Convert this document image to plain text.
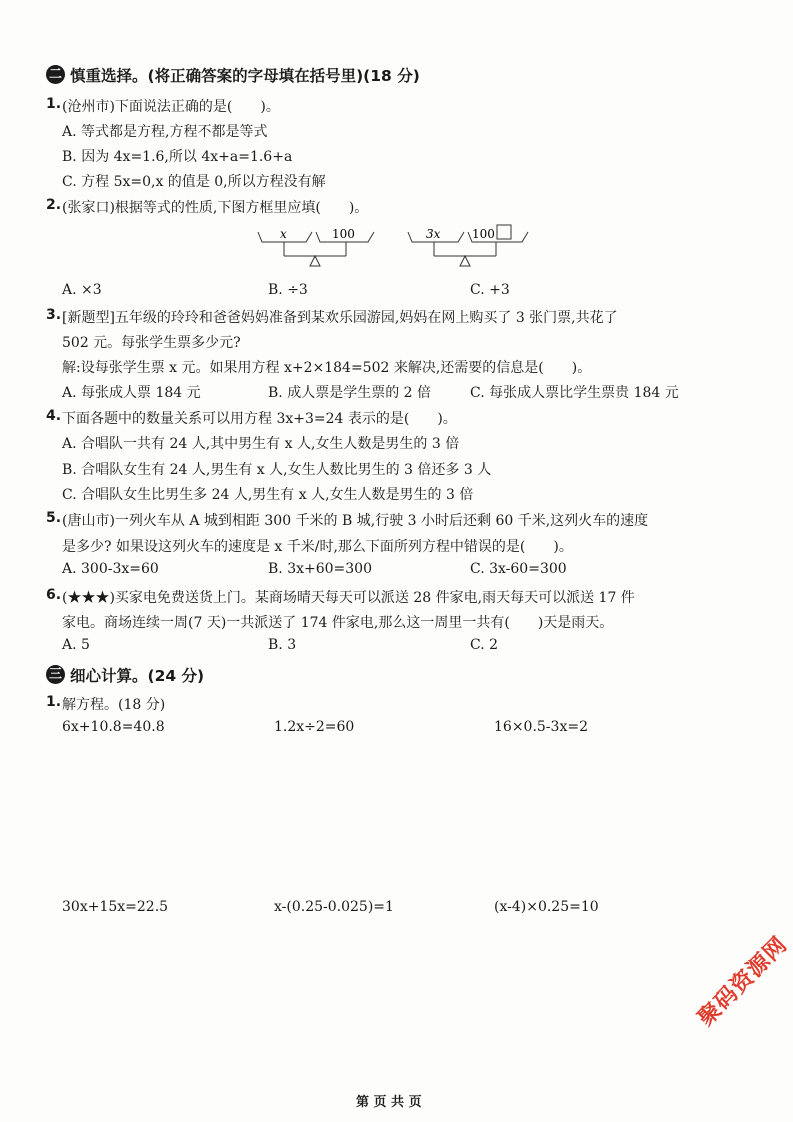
二 慎重选择。(将正确答案的字母填在括号里)(18 分)
1. (沧州市)下面说法正确的是(　　)。
A. 等式都是方程,方程不都是等式
B. 因为 4x=1.6,所以 4x+a=1.6+a
C. 方程 5x=0,x 的值是 0,所以方程没有解
2. (张家口)根据等式的性质,下图方框里应填(　　)。
x	100	3x	100
A. ×3	B. ÷3	C. +3
3. [新题型]五年级的玲玲和爸爸妈妈准备到某欢乐园游园,妈妈在网上购买了 3 张门票,共花了
502 元。每张学生票多少元?
解:设每张学生票 x 元。如果用方程 x+2×184=502 来解决,还需要的信息是(　　)。
A. 每张成人票 184 元	B. 成人票是学生票的 2 倍	C. 每张成人票比学生票贵 184 元
4. 下面各题中的数量关系可以用方程 3x+3=24 表示的是(　　)。
A. 合唱队一共有 24 人,其中男生有 x 人,女生人数是男生的 3 倍
B. 合唱队女生有 24 人,男生有 x 人,女生人数比男生的 3 倍还多 3 人
C. 合唱队女生比男生多 24 人,男生有 x 人,女生人数是男生的 3 倍
5. (唐山市)一列火车从 A 城到相距 300 千米的 B 城,行驶 3 小时后还剩 60 千米,这列火车的速度
是多少? 如果设这列火车的速度是 x 千米/时,那么下面所列方程中错误的是(　　)。
A. 300-3x=60	B. 3x+60=300	C. 3x-60=300
6. (★★★)买家电免费送货上门。某商场晴天每天可以派送 28 件家电,雨天每天可以派送 17 件
家电。商场连续一周(7 天)一共派送了 174 件家电,那么这一周里一共有(　　)天是雨天。
A. 5	B. 3	C. 2
三 细心计算。(24 分)
1. 解方程。(18 分)
6x+10.8=40.8	1.2x÷2=60	16×0.5-3x=2
30x+15x=22.5	x-(0.25-0.025)=1	(x-4)×0.25=10
聚码资源网
第 页 共 页
